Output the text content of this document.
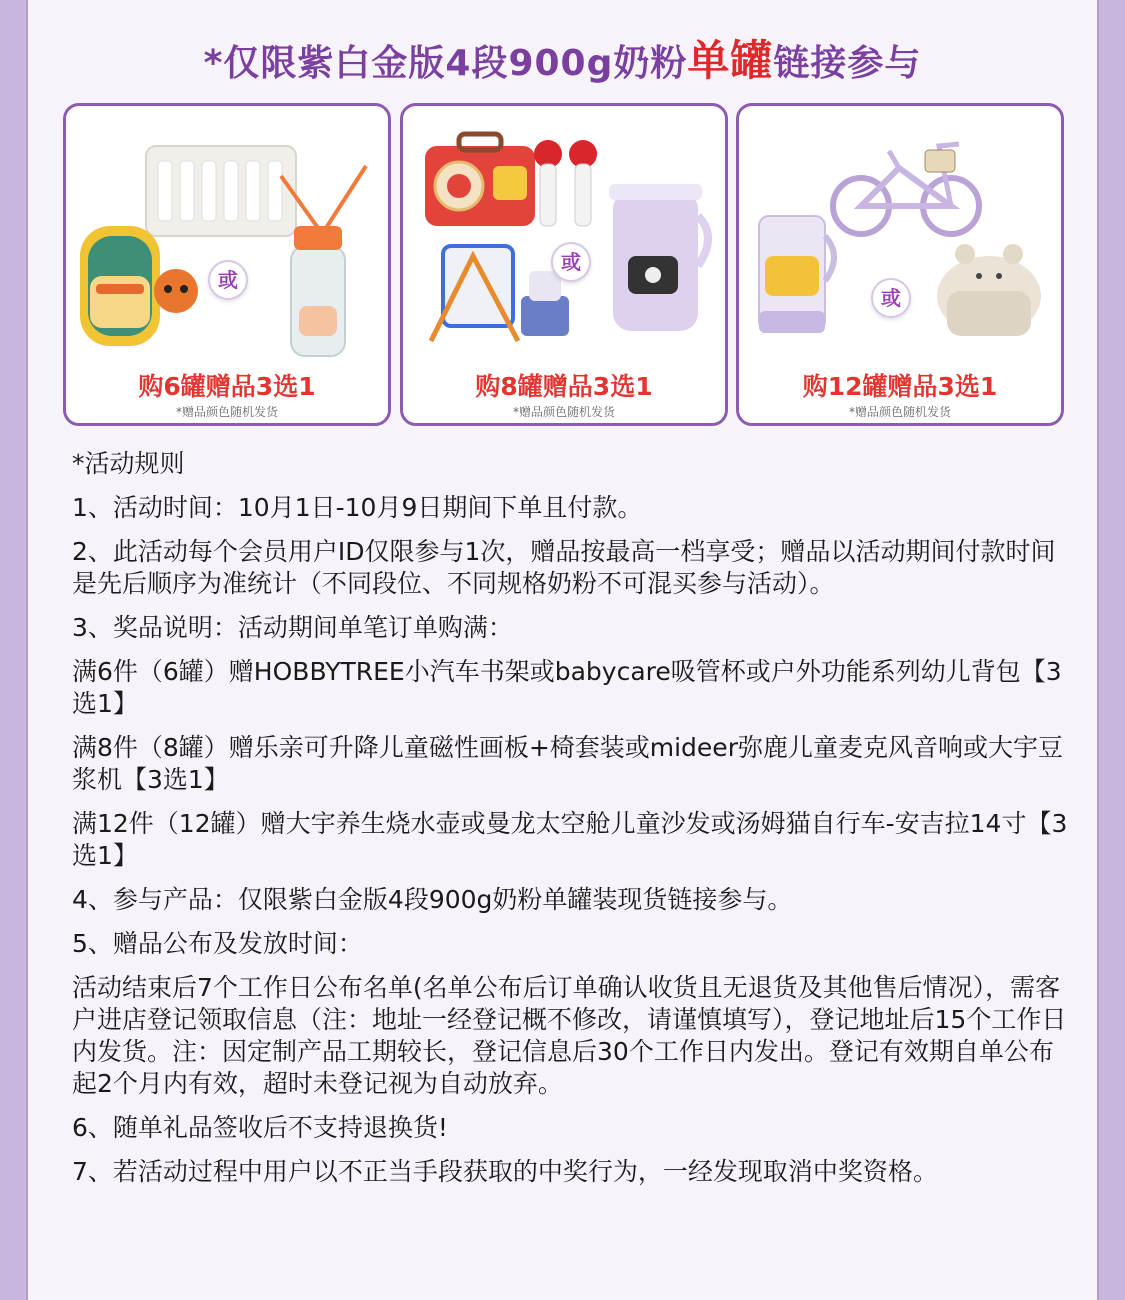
*仅限紫白金版4段900g奶粉单罐链接参与
或
购6罐赠品3选1
*赠品颜色随机发货
或
购8罐赠品3选1
*赠品颜色随机发货
或
购12罐赠品3选1
*赠品颜色随机发货

*活动规则

1、活动时间：10月1日-10月9日期间下单且付款。

2、此活动每个会员用户ID仅限参与1次，赠品按最高一档享受；赠品以活动期间付款时间是先后顺序为准统计（不同段位、不同规格奶粉不可混买参与活动）。

3、奖品说明：活动期间单笔订单购满：

满6件（6罐）赠HOBBYTREE小汽车书架或babycare吸管杯或户外功能系列幼儿背包【3选1】

满8件（8罐）赠乐亲可升降儿童磁性画板+椅套装或mideer弥鹿儿童麦克风音响或大宇豆浆机【3选1】

满12件（12罐）赠大宇养生烧水壶或曼龙太空舱儿童沙发或汤姆猫自行车-安吉拉14寸【3选1】

4、参与产品：仅限紫白金版4段900g奶粉单罐装现货链接参与。

5、赠品公布及发放时间：

活动结束后7个工作日公布名单(名单公布后订单确认收货且无退货及其他售后情况），需客户进店登记领取信息（注：地址一经登记概不修改，请谨慎填写），登记地址后15个工作日内发货。注：因定制产品工期较长，登记信息后30个工作日内发出。登记有效期自单公布起2个月内有效，超时未登记视为自动放弃。

6、随单礼品签收后不支持退换货!

7、若活动过程中用户以不正当手段获取的中奖行为，一经发现取消中奖资格。
